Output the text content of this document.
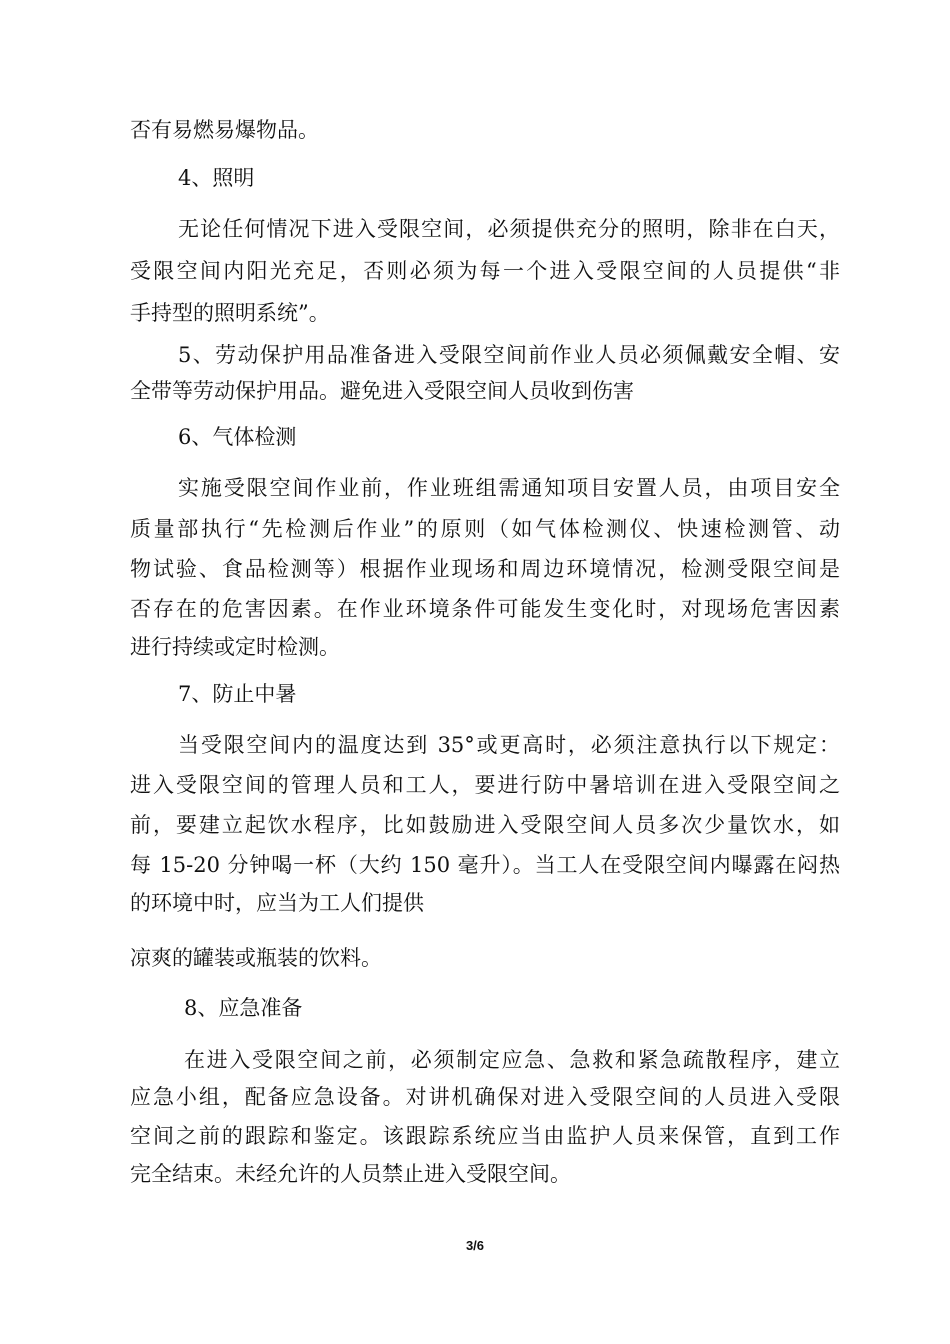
否有易燃易爆物品。
4、照明
无论任何情况下进入受限空间，必须提供充分的照明，除非在白天，
受限空间内阳光充足，否则必须为每一个进入受限空间的人员提供“非
手持型的照明系统”。
5、劳动保护用品准备进入受限空间前作业人员必须佩戴安全帽、安
全带等劳动保护用品。避免进入受限空间人员收到伤害
6、气体检测
实施受限空间作业前，作业班组需通知项目安置人员，由项目安全
质量部执行“先检测后作业”的原则（如气体检测仪、快速检测管、动
物试验、食品检测等）根据作业现场和周边环境情况，检测受限空间是
否存在的危害因素。在作业环境条件可能发生变化时，对现场危害因素
进行持续或定时检测。
7、防止中暑
当受限空间内的温度达到 35°或更高时，必须注意执行以下规定：
进入受限空间的管理人员和工人，要进行防中暑培训在进入受限空间之
前，要建立起饮水程序，比如鼓励进入受限空间人员多次少量饮水，如
每 15-20 分钟喝一杯（大约 150 毫升）。当工人在受限空间内曝露在闷热
的环境中时，应当为工人们提供
凉爽的罐装或瓶装的饮料。
8、应急准备
在进入受限空间之前，必须制定应急、急救和紧急疏散程序，建立
应急小组，配备应急设备。对讲机确保对进入受限空间的人员进入受限
空间之前的跟踪和鉴定。该跟踪系统应当由监护人员来保管，直到工作
完全结束。未经允许的人员禁止进入受限空间。
3/6
